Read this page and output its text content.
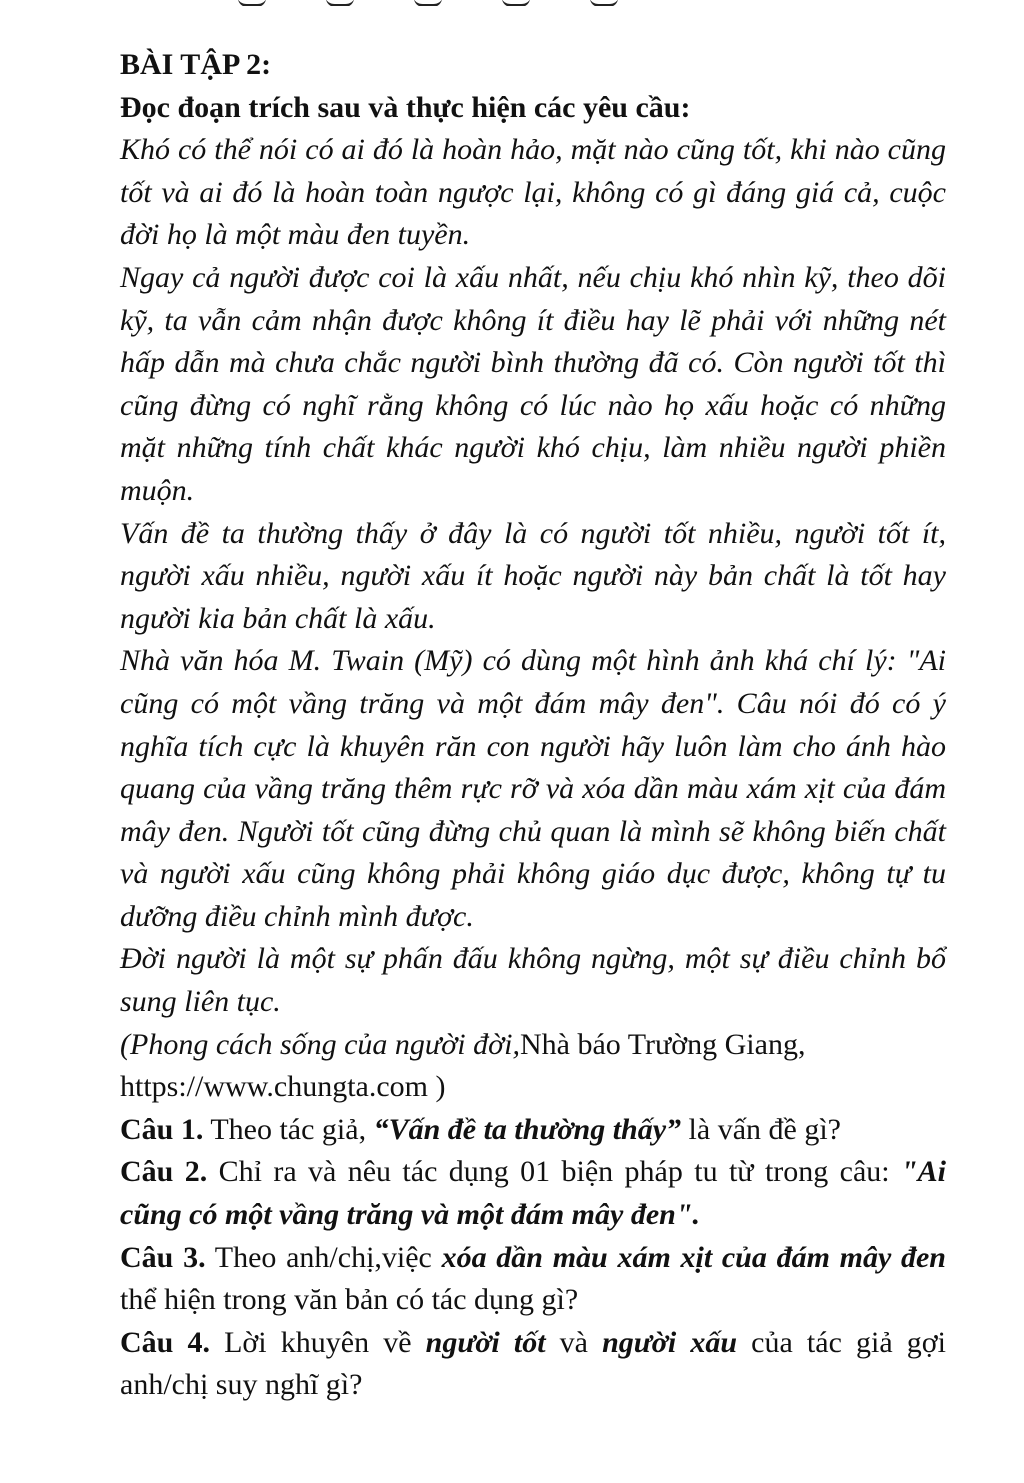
BÀI TẬP 2:

Đọc đoạn trích sau và thực hiện các yêu cầu:

Khó có thể nói có ai đó là hoàn hảo, mặt nào cũng tốt, khi nào cũng tốt và ai đó là hoàn toàn ngược lại, không có gì đáng giá cả, cuộc đời họ là một màu đen tuyền.

Ngay cả người được coi là xấu nhất, nếu chịu khó nhìn kỹ, theo dõi kỹ, ta vẫn cảm nhận được không ít điều hay lẽ phải với những nét hấp dẫn mà chưa chắc người bình thường đã có. Còn người tốt thì cũng đừng có nghĩ rằng không có lúc nào họ xấu hoặc có những mặt những tính chất khác người khó chịu, làm nhiều người phiền muộn.

Vấn đề ta thường thấy ở đây là có người tốt nhiều, người tốt ít, người xấu nhiều, người xấu ít hoặc người này bản chất là tốt hay người kia bản chất là xấu.

Nhà văn hóa M. Twain (Mỹ) có dùng một hình ảnh khá chí lý: "Ai cũng có một vầng trăng và một đám mây đen". Câu nói đó có ý nghĩa tích cực là khuyên răn con người hãy luôn làm cho ánh hào quang của vầng trăng thêm rực rỡ và xóa dần màu xám xịt của đám mây đen. Người tốt cũng đừng chủ quan là mình sẽ không biến chất và người xấu cũng không phải không giáo dục được, không tự tu dưỡng điều chỉnh mình được.

Đời người là một sự phấn đấu không ngừng, một sự điều chỉnh bổ sung liên tục.

(Phong cách sống của người đời,Nhà báo Trường Giang,
https://www.chungta.com )

Câu 1. Theo tác giả, “Vấn đề ta thường thấy” là vấn đề gì?

Câu 2. Chỉ ra và nêu tác dụng 01 biện pháp tu từ trong câu: "Ai cũng có một vầng trăng và một đám mây đen".

Câu 3. Theo anh/chị,việc xóa dần màu xám xịt của đám mây đen thể hiện trong văn bản có tác dụng gì?

Câu 4. Lời khuyên về người tốt và người xấu của tác giả gợi anh/chị suy nghĩ gì?
